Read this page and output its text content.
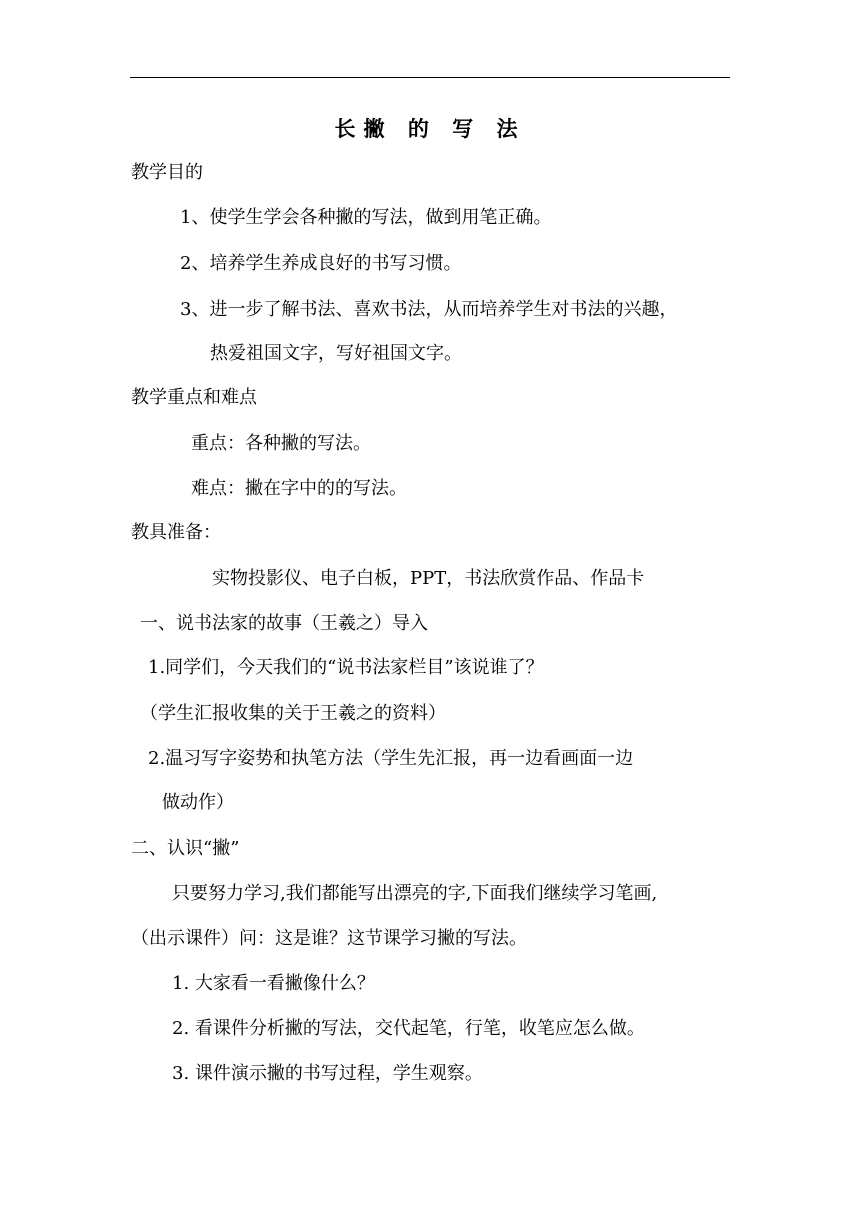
长撇 的 写 法
教学目的
1、使学生学会各种撇的写法，做到用笔正确。
2、培养学生养成良好的书写习惯。
3、进一步了解书法、喜欢书法，从而培养学生对书法的兴趣，
热爱祖国文字，写好祖国文字。
教学重点和难点
重点：各种撇的写法。
难点：撇在字中的的写法。
教具准备：
实物投影仪、电子白板，PPT，书法欣赏作品、作品卡
一、说书法家的故事（王羲之）导入
1.同学们，今天我们的“说书法家栏目”该说谁了？
（学生汇报收集的关于王羲之的资料）
2.温习写字姿势和执笔方法（学生先汇报，再一边看画面一边
做动作）
二、认识“撇”
只要努力学习,我们都能写出漂亮的字,下面我们继续学习笔画,
（出示课件）问：这是谁？这节课学习撇的写法。
1. 大家看一看撇像什么？
2. 看课件分析撇的写法，交代起笔，行笔，收笔应怎么做。
3. 课件演示撇的书写过程，学生观察。
